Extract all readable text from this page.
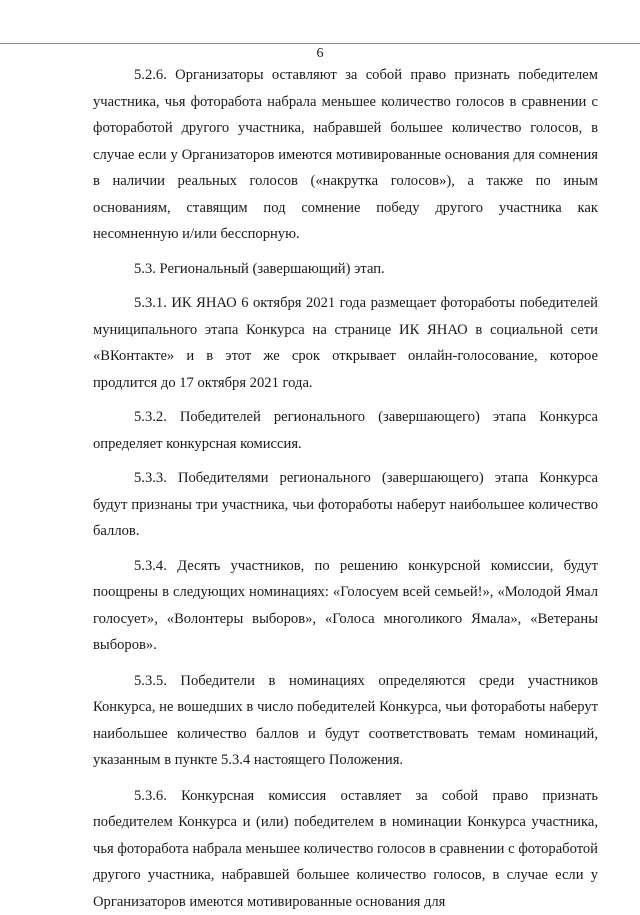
6

5.2.6. Организаторы оставляют за собой право признать победителем участника, чья фоторабота набрала меньшее количество голосов в сравнении с фотоработой другого участника, набравшей большее количество голосов, в случае если у Организаторов имеются мотивированные основания для сомнения в наличии реальных голосов («накрутка голосов»), а также по иным основаниям, ставящим под сомнение победу другого участника как несомненную и/или бесспорную.

5.3. Региональный (завершающий) этап.

5.3.1. ИК ЯНАО 6 октября 2021 года размещает фотоработы победителей муниципального этапа Конкурса на странице ИК ЯНАО в социальной сети «ВКонтакте» и в этот же срок открывает онлайн-голосование, которое продлится до 17 октября 2021 года.

5.3.2. Победителей регионального (завершающего) этапа Конкурса определяет конкурсная комиссия.

5.3.3. Победителями регионального (завершающего) этапа Конкурса будут признаны три участника, чьи фотоработы наберут наибольшее количество баллов.

5.3.4. Десять участников, по решению конкурсной комиссии, будут поощрены в следующих номинациях: «Голосуем всей семьей!», «Молодой Ямал голосует», «Волонтеры выборов», «Голоса многоликого Ямала», «Ветераны выборов».

5.3.5. Победители в номинациях определяются среди участников Конкурса, не вошедших в число победителей Конкурса, чьи фотоработы наберут наибольшее количество баллов и будут соответствовать темам номинаций, указанным в пункте 5.3.4 настоящего Положения.

5.3.6. Конкурсная комиссия оставляет за собой право признать победителем Конкурса и (или) победителем в номинации Конкурса участника, чья фоторабота набрала меньшее количество голосов в сравнении с фотоработой другого участника, набравшей большее количество голосов, в случае если у Организаторов имеются мотивированные основания для
